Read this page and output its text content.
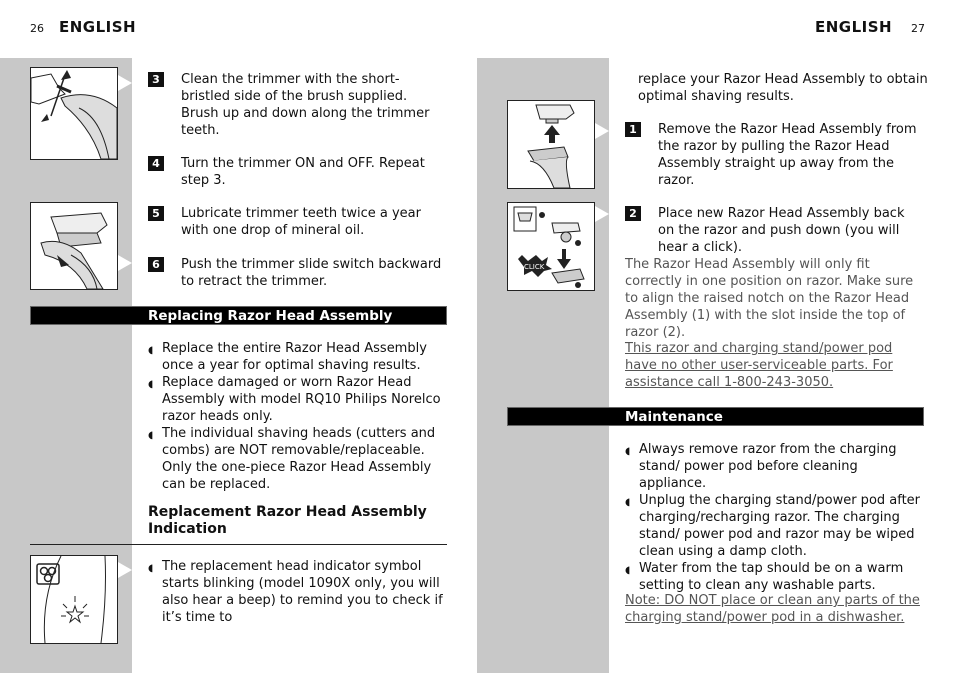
26 ENGLISH
3	Clean the trimmer with the short-bristled side of the brush supplied. Brush up and down along the trimmer teeth.
4	Turn the trimmer ON and OFF. Repeat step 3.
5	Lubricate trimmer teeth twice a year with one drop of mineral oil.
6	Push the trimmer slide switch backward to retract the trimmer.
Replacing Razor Head Assembly
◖ Replace the entire Razor Head Assembly once a year for optimal shaving results.
◖ Replace damaged or worn Razor Head Assembly with model RQ10 Philips Norelco razor heads only.
◖ The individual shaving heads (cutters and combs) are NOT removable/replaceable. Only the one-piece Razor Head Assembly can be replaced.
Replacement Razor Head Assembly Indication
◖ The replacement head indicator symbol starts blinking (model 1090X only, you will also hear a beep) to remind you to check if it’s time to
ENGLISH 27
replace your Razor Head Assembly to obtain optimal shaving results.
1	Remove the Razor Head Assembly from the razor by pulling the Razor Head Assembly straight up away from the razor.
CLICK
2	Place new Razor Head Assembly back on the razor and push down (you will hear a click).
The Razor Head Assembly will only fit correctly in one position on razor. Make sure to align the raised notch on the Razor Head Assembly (1) with the slot inside the top of razor (2).
This razor and charging stand/power pod have no other user-serviceable parts. For assistance call 1-800-243-3050.
Maintenance
◖ Always remove razor from the charging stand/ power pod before cleaning appliance.
◖ Unplug the charging stand/power pod after charging/recharging razor. The charging stand/ power pod and razor may be wiped clean using a damp cloth.
◖ Water from the tap should be on a warm setting to clean any washable parts.
Note: DO NOT place or clean any parts of the charging stand/power pod in a dishwasher.
